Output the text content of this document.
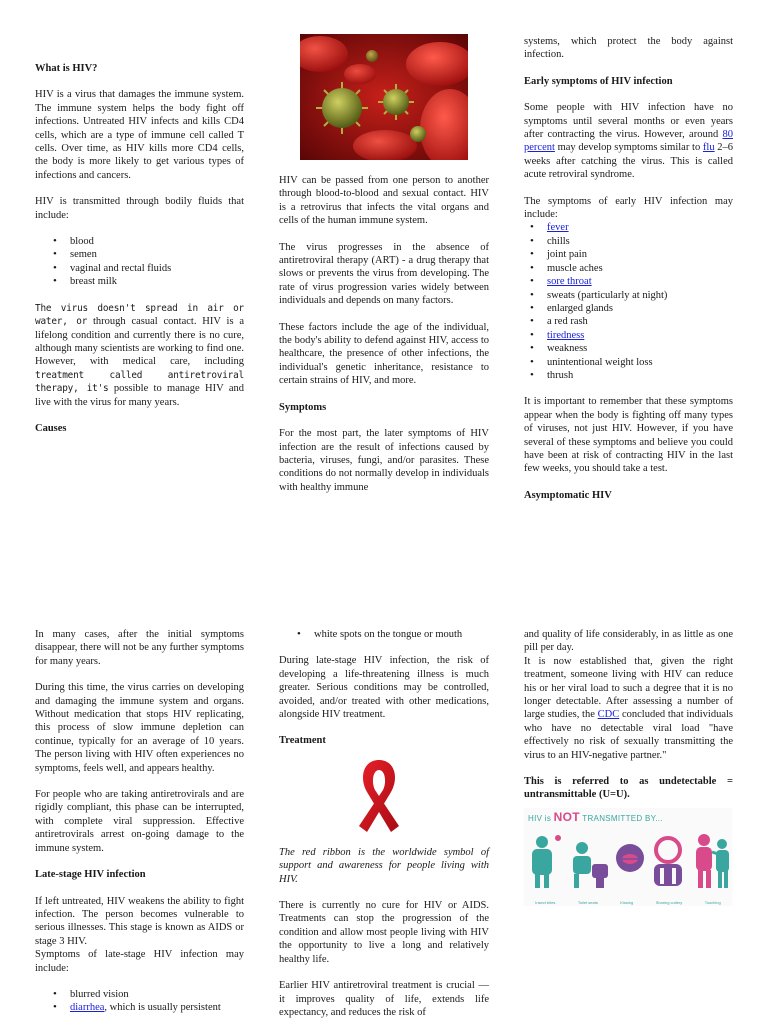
What is HIV?

HIV is a virus that damages the immune system. The immune system helps the body fight off infections. Untreated HIV infects and kills CD4 cells, which are a type of immune cell called T cells. Over time, as HIV kills more CD4 cells, the body is more likely to get various types of infections and cancers.

HIV is transmitted through bodily fluids that include:

• blood
• semen
• vaginal and rectal fluids
• breast milk

The virus doesn't spread in air or water, or through casual contact. HIV is a lifelong condition and currently there is no cure, although many scientists are working to find one. However, with medical care, including treatment called antiretroviral therapy, it's possible to manage HIV and live with the virus for many years.

Causes

HIV can be passed from one person to another through blood-to-blood and sexual contact. HIV is a retrovirus that infects the vital organs and cells of the human immune system.

The virus progresses in the absence of antiretroviral therapy (ART) - a drug therapy that slows or prevents the virus from developing. The rate of virus progression varies widely between individuals and depends on many factors.

These factors include the age of the individual, the body's ability to defend against HIV, access to healthcare, the presence of other infections, the individual's genetic inheritance, resistance to certain strains of HIV, and more.

Symptoms

For the most part, the later symptoms of HIV infection are the result of infections caused by bacteria, viruses, fungi, and/or parasites. These conditions do not normally develop in individuals with healthy immune

systems, which protect the body against infection.

Early symptoms of HIV infection

Some people with HIV infection have no symptoms until several months or even years after contracting the virus. However, around 80 percent may develop symptoms similar to flu 2–6 weeks after catching the virus. This is called acute retroviral syndrome.

The symptoms of early HIV infection may include:

• fever
• chills
• joint pain
• muscle aches
• sore throat
• sweats (particularly at night)
• enlarged glands
• a red rash
• tiredness
• weakness
• unintentional weight loss
• thrush

It is important to remember that these symptoms appear when the body is fighting off many types of viruses, not just HIV. However, if you have several of these symptoms and believe you could have been at risk of contracting HIV in the last few weeks, you should take a test.

Asymptomatic HIV

In many cases, after the initial symptoms disappear, there will not be any further symptoms for many years.

During this time, the virus carries on developing and damaging the immune system and organs. Without medication that stops HIV replicating, this process of slow immune depletion can continue, typically for an average of 10 years. The person living with HIV often experiences no symptoms, feels well, and appears healthy.

For people who are taking antiretrovirals and are rigidly compliant, this phase can be interrupted, with complete viral suppression. Effective antiretrovirals arrest on-going damage to the immune system.

Late-stage HIV infection

If left untreated, HIV weakens the ability to fight infection. The person becomes vulnerable to serious illnesses. This stage is known as AIDS or stage 3 HIV.

Symptoms of late-stage HIV infection may include:

• blurred vision
• diarrhea, which is usually persistent
• white spots on the tongue or mouth

During late-stage HIV infection, the risk of developing a life-threatening illness is much greater. Serious conditions may be controlled, avoided, and/or treated with other medications, alongside HIV treatment.

Treatment

The red ribbon is the worldwide symbol of support and awareness for people living with HIV.

There is currently no cure for HIV or AIDS. Treatments can stop the progression of the condition and allow most people living with HIV the opportunity to live a long and relatively healthy life.

Earlier HIV antiretroviral treatment is crucial — it improves quality of life, extends life expectancy, and reduces the risk of

and quality of life considerably, in as little as one pill per day.

It is now established that, given the right treatment, someone living with HIV can reduce his or her viral load to such a degree that it is no longer detectable. After assessing a number of large studies, the CDC concluded that individuals who have no detectable viral load "have effectively no risk of sexually transmitting the virus to an HIV-negative partner."

This is referred to as undetectable = untransmittable (U=U).

HIV is NOT TRANSMITTED BY...
Insect bites	Toilet seats	Kissing	Sharing cutlery	Touching
